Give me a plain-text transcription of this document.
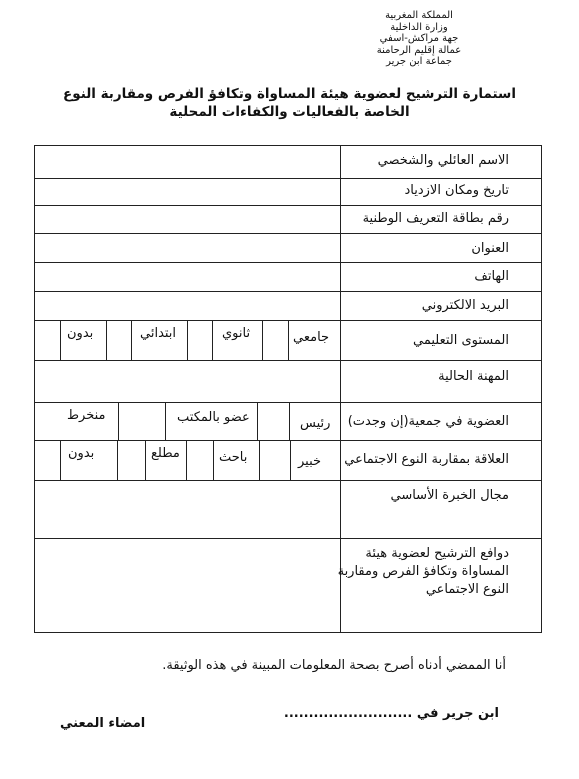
المملكة المغربية
وزارة الداخلية
جهة مراكش-اسفي
عمالة إقليم الرحامنة
جماعة ابن جرير
استمارة الترشيح لعضوية هيئة المساواة وتكافؤ الفرص ومقاربة النوع
الخاصة بالفعاليات والكفاءات المحلية
الاسم العائلي والشخصي
تاريخ ومكان الازدياد
رقم بطاقة التعريف الوطنية
العنوان
الهاتف
البريد الالكتروني
المستوى التعليمي
المهنة الحالية
العضوية في جمعية(إن وجدت)
العلاقة بمقاربة النوع الاجتماعي
مجال الخبرة الأساسي
دوافع الترشيح لعضوية هيئة
المساواة وتكافؤ الفرص ومقاربة
النوع الاجتماعي
جامعي
ثانوي
ابتدائي
بدون
رئيس
عضو بالمكتب
منخرط
خبير
باحث
مطلع
بدون
أنا الممضي أدناه أصرح بصحة المعلومات المبينة في هذه الوثيقة.
ابن جرير في ..........................
امضاء المعني
